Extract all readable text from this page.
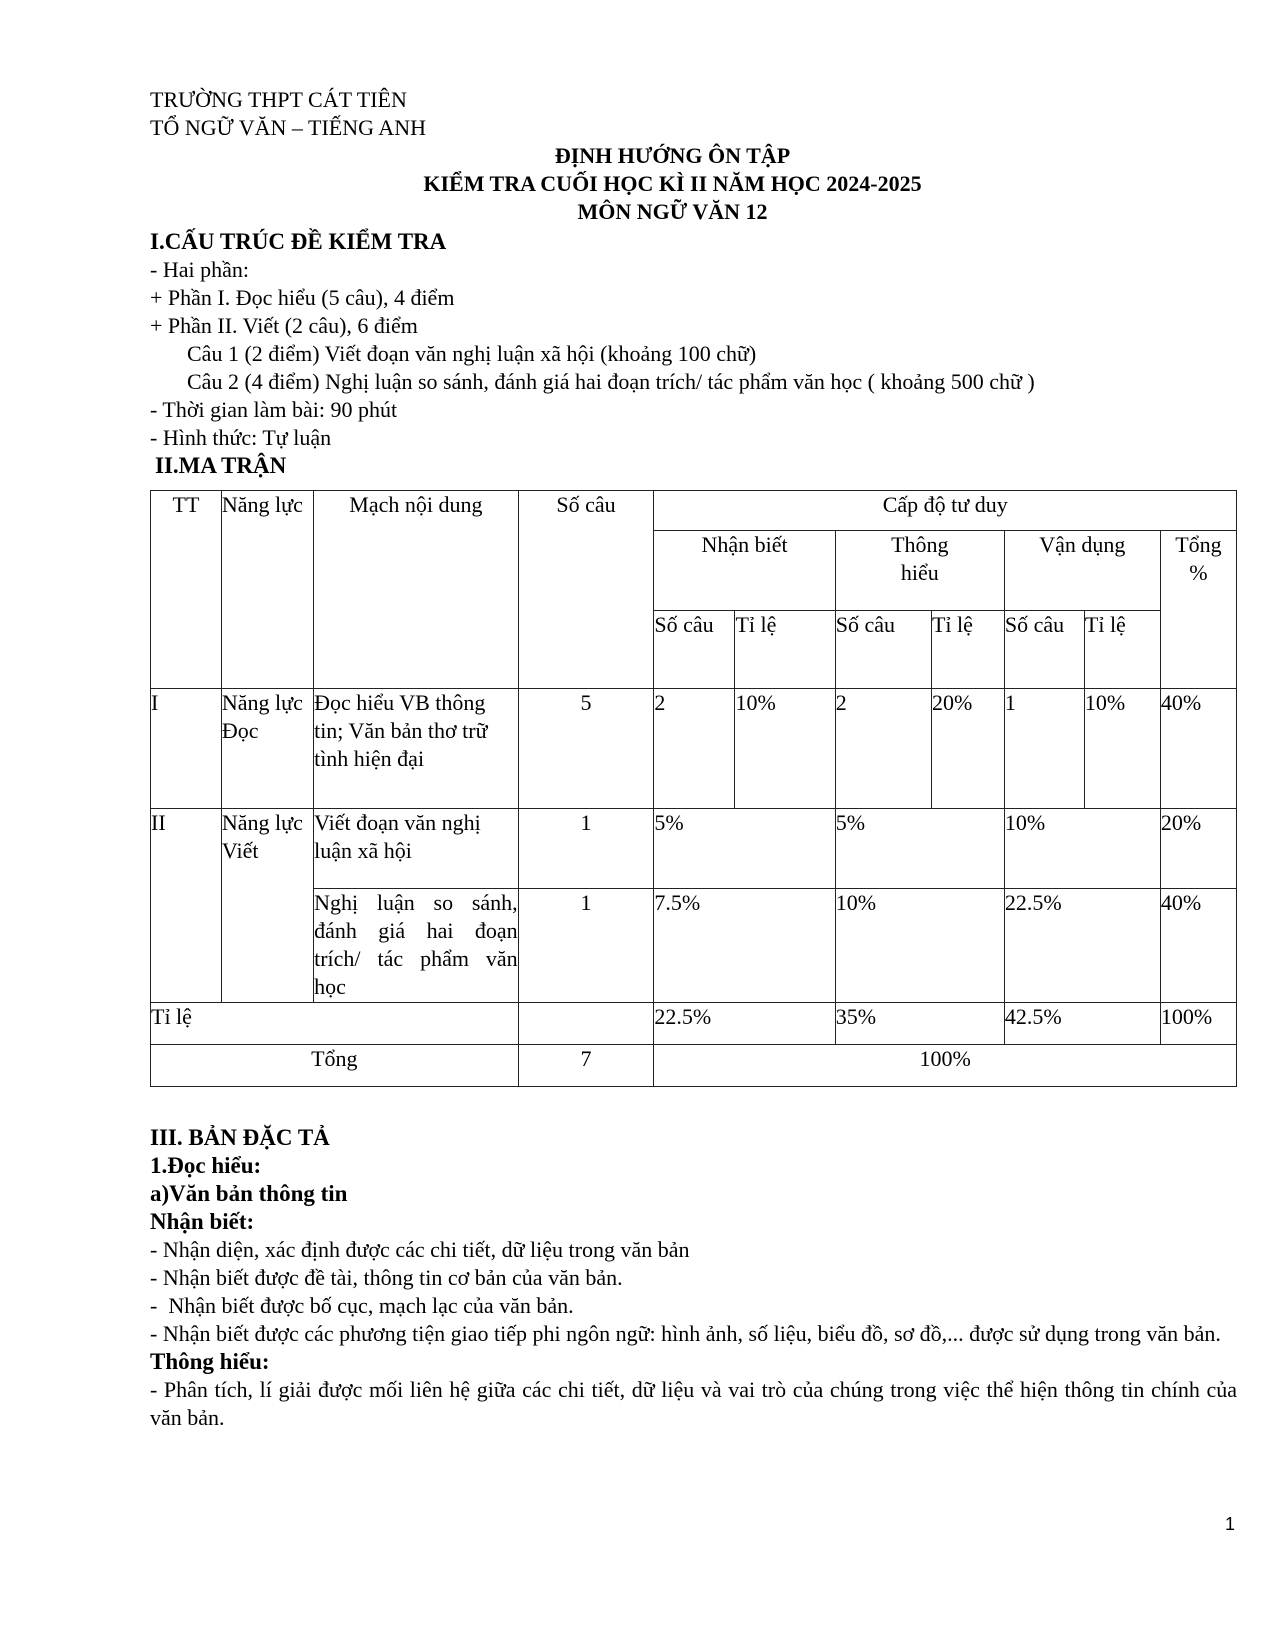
TRƯỜNG THPT CÁT TIÊN
TỔ NGỮ VĂN – TIẾNG ANH
ĐỊNH HƯỚNG ÔN TẬP
KIỂM TRA CUỐI HỌC KÌ II NĂM HỌC 2024-2025
MÔN NGỮ VĂN 12
I.CẤU TRÚC ĐỀ KIỂM TRA
- Hai phần:
+ Phần I. Đọc hiểu (5 câu), 4 điểm
+ Phần II. Viết (2 câu), 6 điểm
Câu 1 (2 điểm) Viết đoạn văn nghị luận xã hội (khoảng 100 chữ)
Câu 2 (4 điểm) Nghị luận so sánh, đánh giá hai đoạn trích/ tác phẩm văn học ( khoảng 500 chữ )
- Thời gian làm bài: 90 phút
- Hình thức: Tự luận
II.MA TRẬN
TT	Năng lực	Mạch nội dung	Số câu	Cấp độ tư duy						
				Nhận biết		Thông hiểu		Vận dụng		Tổng %
				Số câu	Tỉ lệ	Số câu	Tỉ lệ	Số câu	Tỉ lệ	
I	Năng lực Đọc	Đọc hiểu VB thông tin; Văn bản thơ trữ tình hiện đại	5	2	10%	2	20%	1	10%	40%
II	Năng lực Viết	Viết đoạn văn nghị luận xã hội	1	5%		5%		10%		20%
		Nghị luận so sánh, đánh giá hai đoạn trích/ tác phẩm văn học	1	7.5%		10%		22.5%		40%
Tỉ lệ				22.5%		35%		42.5%		100%
Tổng			7	100%						

III. BẢN ĐẶC TẢ

1.Đọc hiểu:

a)Văn bản thông tin

Nhận biết:

- Nhận diện, xác định được các chi tiết, dữ liệu trong văn bản

- Nhận biết được đề tài, thông tin cơ bản của văn bản.

-  Nhận biết được bố cục, mạch lạc của văn bản.

- Nhận biết được các phương tiện giao tiếp phi ngôn ngữ: hình ảnh, số liệu, biểu đồ, sơ đồ,... được sử dụng trong văn bản.

Thông hiểu:

- Phân tích, lí giải được mối liên hệ giữa các chi tiết, dữ liệu và vai trò của chúng trong việc thể hiện thông tin chính của văn bản.

1
